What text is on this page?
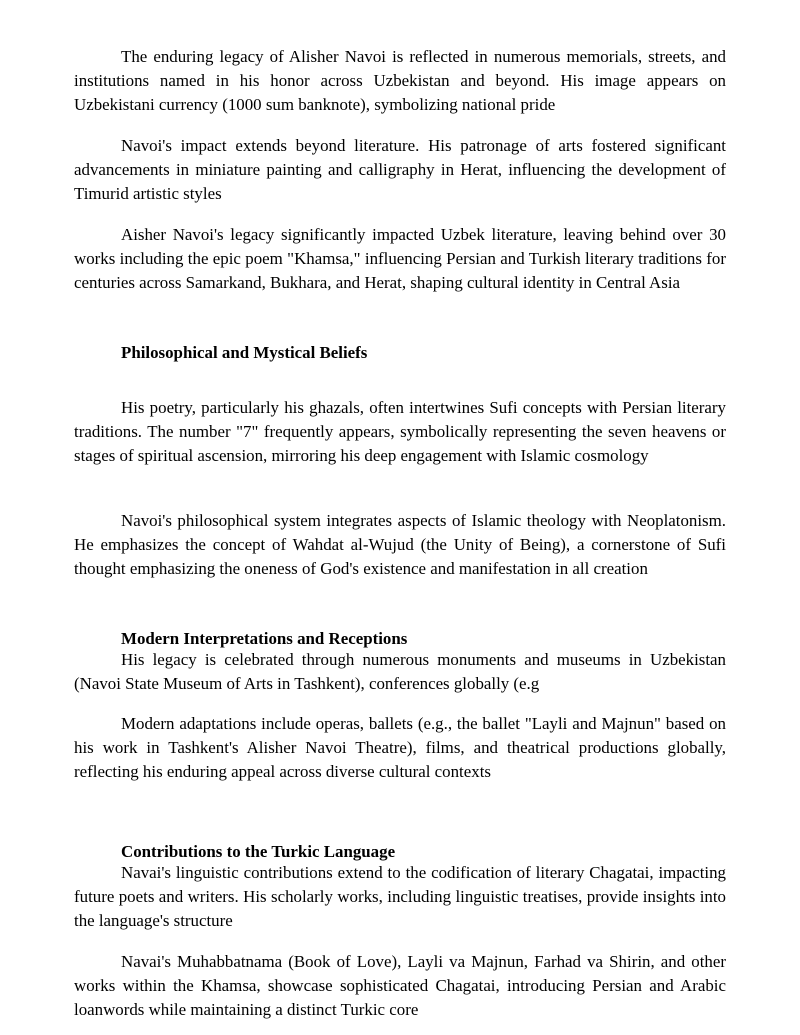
The enduring legacy of Alisher Navoi is reflected in numerous memorials, streets, and institutions named in his honor across Uzbekistan and beyond. His image appears on Uzbekistani currency (1000 sum banknote), symbolizing national pride

Navoi's impact extends beyond literature. His patronage of arts fostered significant advancements in miniature painting and calligraphy in Herat, influencing the development of Timurid artistic styles

Aisher Navoi's legacy significantly impacted Uzbek literature, leaving behind over 30 works including the epic poem "Khamsa," influencing Persian and Turkish literary traditions for centuries across Samarkand, Bukhara, and Herat, shaping cultural identity in Central Asia

Philosophical and Mystical Beliefs

His poetry, particularly his ghazals, often intertwines Sufi concepts with Persian literary traditions. The number "7" frequently appears, symbolically representing the seven heavens or stages of spiritual ascension, mirroring his deep engagement with Islamic cosmology

Navoi's philosophical system integrates aspects of Islamic theology with Neoplatonism. He emphasizes the concept of Wahdat al-Wujud (the Unity of Being), a cornerstone of Sufi thought emphasizing the oneness of God's existence and manifestation in all creation

Modern Interpretations and Receptions

His legacy is celebrated through numerous monuments and museums in Uzbekistan (Navoi State Museum of Arts in Tashkent), conferences globally (e.g

Modern adaptations include operas, ballets (e.g., the ballet "Layli and Majnun" based on his work in Tashkent's Alisher Navoi Theatre), films, and theatrical productions globally, reflecting his enduring appeal across diverse cultural contexts

Contributions to the Turkic Language

Navai's linguistic contributions extend to the codification of literary Chagatai, impacting future poets and writers. His scholarly works, including linguistic treatises, provide insights into the language's structure

Navai's Muhabbatnama (Book of Love), Layli va Majnun, Farhad va Shirin, and other works within the Khamsa, showcase sophisticated Chagatai, introducing Persian and Arabic loanwords while maintaining a distinct Turkic core
